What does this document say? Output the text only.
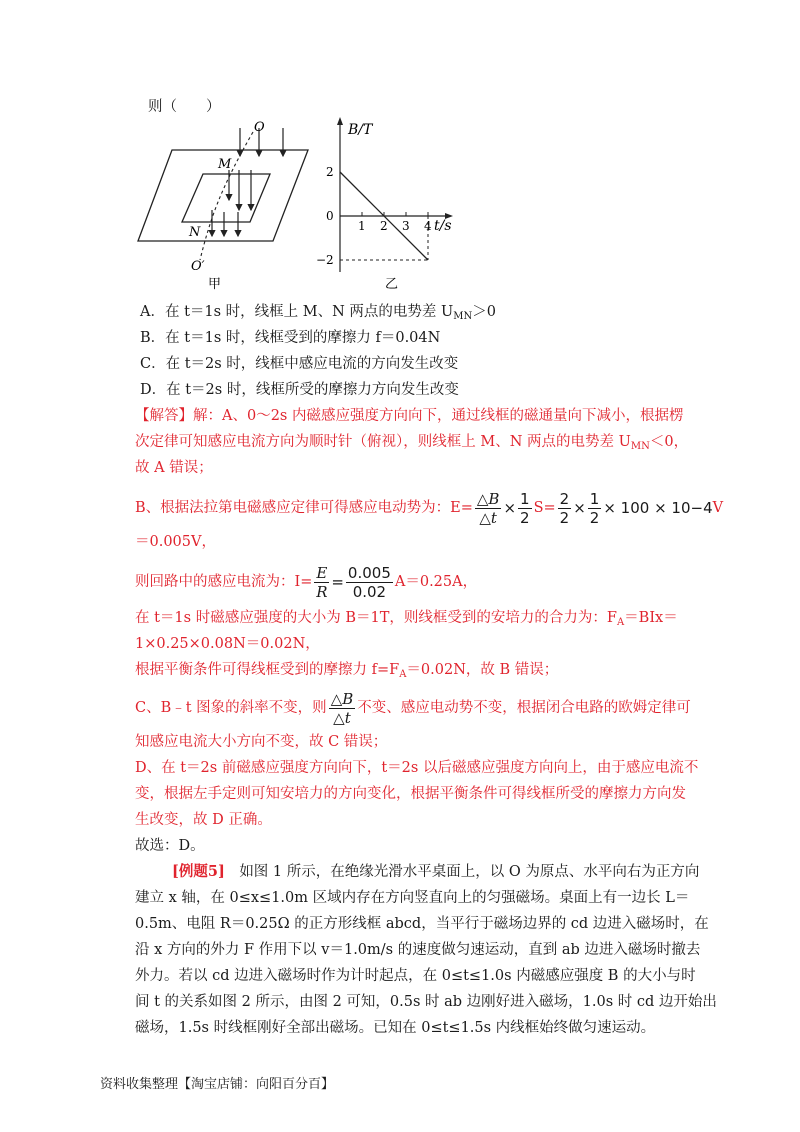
则（　　）
O
M
N
O′
甲
1 2 3 4
2
0
−2
B/T
t/s
乙
A．在 t＝1s 时，线框上 M、N 两点的电势差 $U_{MN}>0$
B．在 t＝1s 时，线框受到的摩擦力 f＝0.04N
C．在 t＝2s 时，线框中感应电流的方向发生改变
D．在 t＝2s 时，线框所受的摩擦力方向发生改变
【解答】解：A、0～2s 内磁感应强度方向向下，通过线框的磁通量向下减小，根据楞
次定律可知感应电流方向为顺时针（俯视），则线框上 M、N 两点的电势差 $U_{MN}<0$，
故 A 错误；
B、根据法拉第电磁感应定律可得感应电动势为：$E= \frac{\triangle B}{\triangle t} \times \frac{1}{2} S= \frac{2}{2} \times \frac{1}{2} \times 100 \times 10 -4$ V
＝0.005V，
则回路中的感应电流为：$I= \frac{E}{R} = \frac{0.005}{0.02} A=0.25A$，
在 t＝1s 时磁感应强度的大小为 B＝1T，则线框受到的安培力的合力为：$F_A=BIx=$
1×0.25×0.08N＝0.02N，
根据平衡条件可得线框受到的摩擦力 $f=F_A=0.02N$，故 B 错误；
C、B﹣t 图象的斜率不变，则 $\frac{\triangle B}{\triangle t}$ 不变、感应电动势不变，根据闭合电路的欧姆定律可
知感应电流大小方向不变，故 C 错误；
D、在 t＝2s 前磁感应强度方向向下，t＝2s 以后磁感应强度方向向上，由于感应电流不
变，根据左手定则可知安培力的方向变化，根据平衡条件可得线框所受的摩擦力方向发
生改变，故 D 正确。
故选：D。
[例题5]  如图 1 所示，在绝缘光滑水平桌面上，以 O 为原点、水平向右为正方向
建立 x 轴，在 0≤x≤1.0m 区域内存在方向竖直向上的匀强磁场。桌面上有一边长 L＝
0.5m、电阻 R＝0.25Ω 的正方形线框 abcd，当平行于磁场边界的 cd 边进入磁场时，在
沿 x 方向的外力 F 作用下以 v＝1.0m/s 的速度做匀速运动，直到 ab 边进入磁场时撤去
外力。若以 cd 边进入磁场时作为计时起点，在 0≤t≤1.0s 内磁感应强度 B 的大小与时
间 t 的关系如图 2 所示，由图 2 可知，0.5s 时 ab 边刚好进入磁场，1.0s 时 cd 边开始出
磁场，1.5s 时线框刚好全部出磁场。已知在 0≤t≤1.5s 内线框始终做匀速运动。
资料收集整理【淘宝店铺：向阳百分百】
